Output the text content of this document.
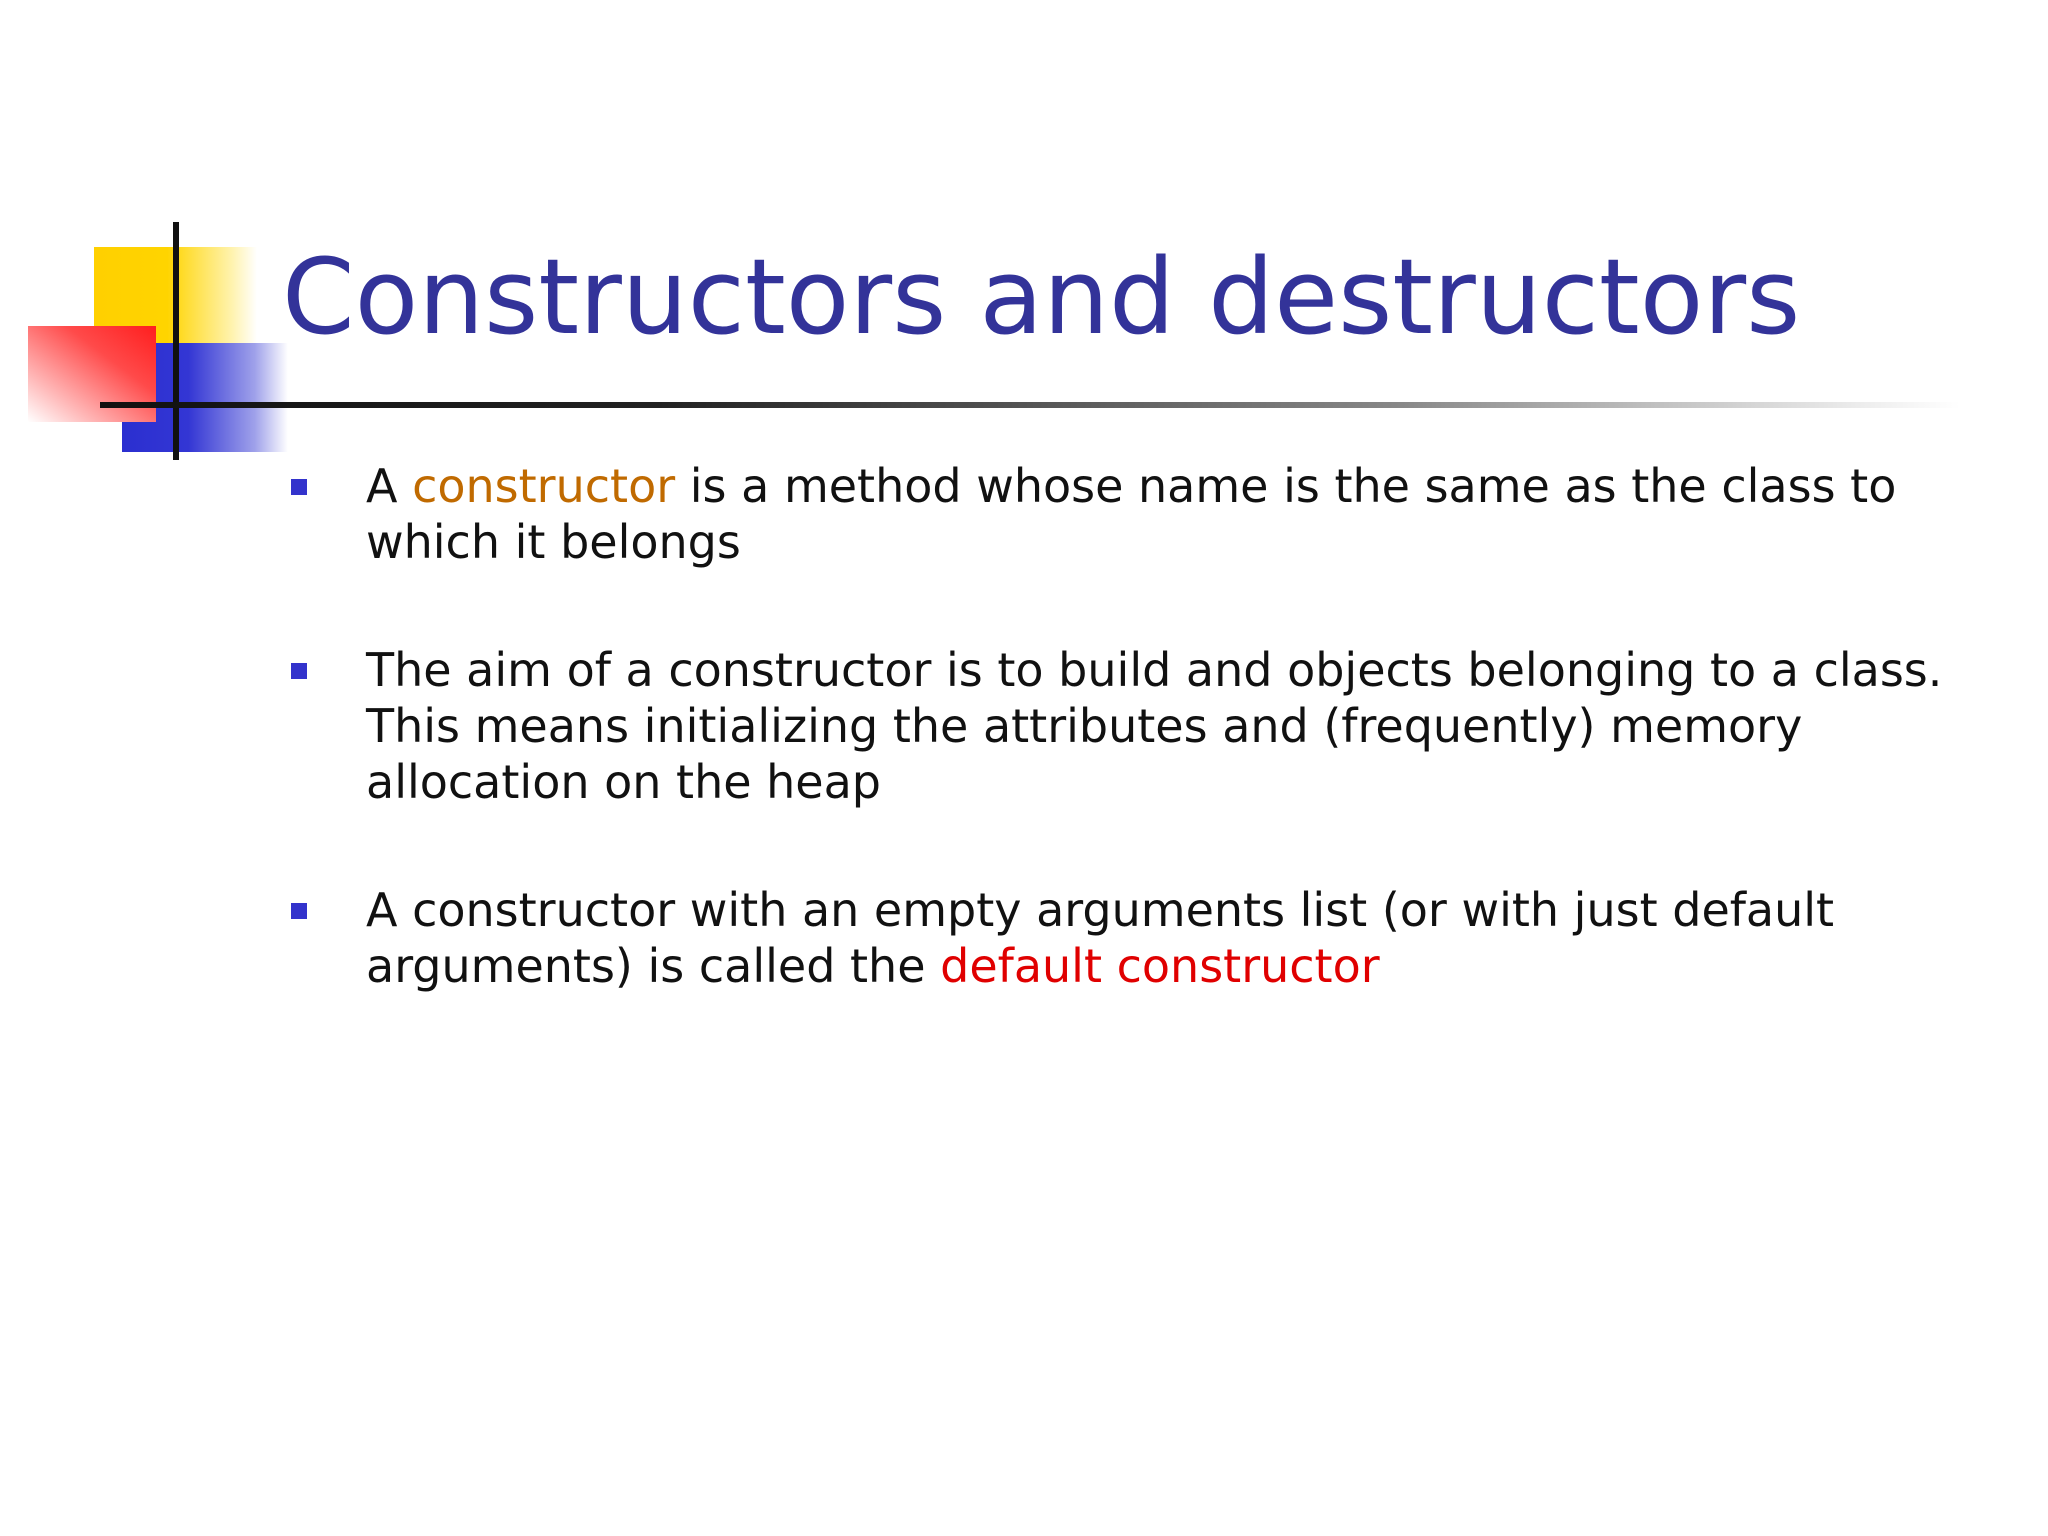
Constructors and destructors
A constructor is a method whose name is the same as the class to which it belongs
The aim of a constructor is to build and objects belonging to a class. This means initializing the attributes and (frequently) memory allocation on the heap
A constructor with an empty arguments list (or with just default arguments) is called the default constructor
